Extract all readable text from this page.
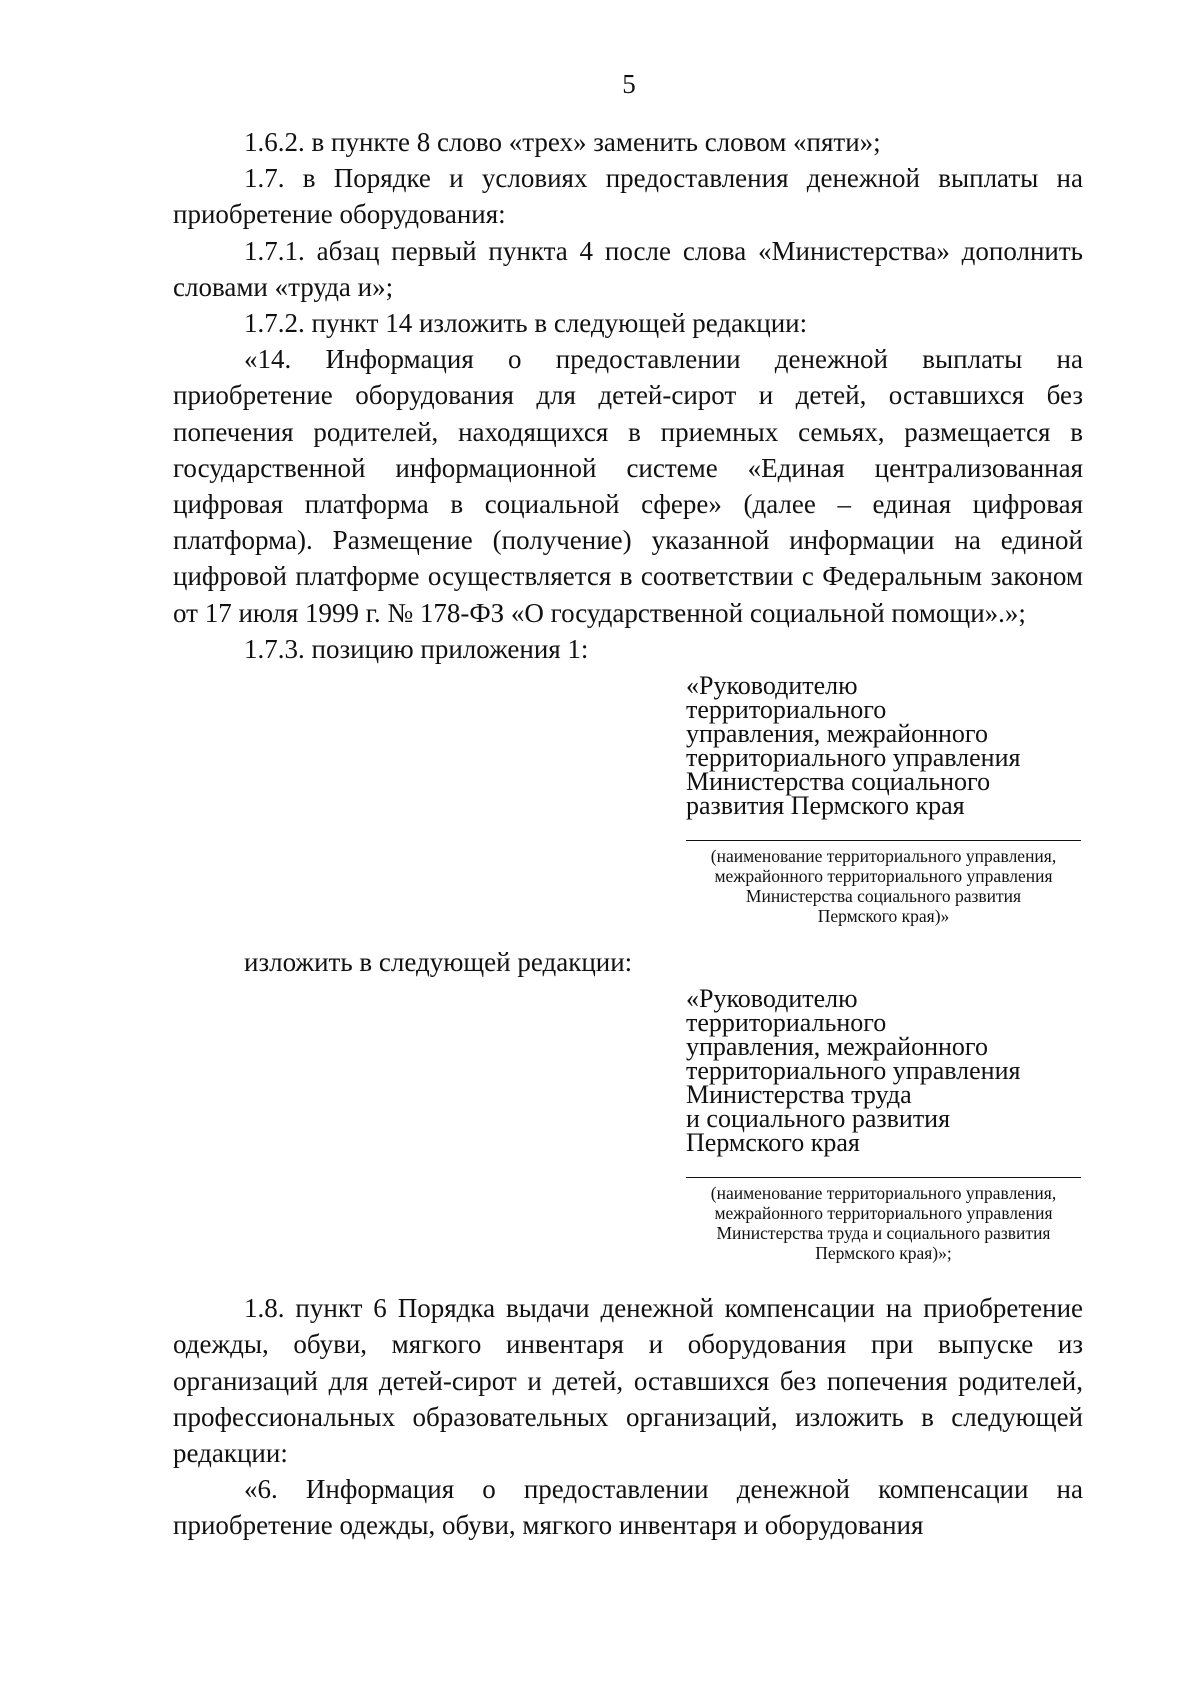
5

1.6.2. в пункте 8 слово «трех» заменить словом «пяти»;

1.7. в Порядке и условиях предоставления денежной выплаты на приобретение оборудования:

1.7.1. абзац первый пункта 4 после слова «Министерства» дополнить словами «труда и»;

1.7.2. пункт 14 изложить в следующей редакции:

«14. Информация о предоставлении денежной выплаты на приобретение оборудования для детей-сирот и детей, оставшихся без попечения родителей, находящихся в приемных семьях, размещается в государственной информационной системе «Единая централизованная цифровая платформа в социальной сфере» (далее – единая цифровая платформа). Размещение (получение) указанной информации на единой цифровой платформе осуществляется в соответствии с Федеральным законом от 17 июля 1999 г. № 178-ФЗ «О государственной социальной помощи».»;

1.7.3. позицию приложения 1:

«Руководителю
территориального
управления, межрайонного
территориального управления
Министерства социального
развития Пермского края
(наименование территориального управления,
межрайонного территориального управления
Министерства социального развития
Пермского края)»

изложить в следующей редакции:

«Руководителю
территориального
управления, межрайонного
территориального управления
Министерства труда
и социального развития
Пермского края
(наименование территориального управления,
межрайонного территориального управления
Министерства труда и социального развития
Пермского края)»;

1.8. пункт 6 Порядка выдачи денежной компенсации на приобретение одежды, обуви, мягкого инвентаря и оборудования при выпуске из организаций для детей-сирот и детей, оставшихся без попечения родителей, профессиональных образовательных организаций, изложить в следующей редакции:

«6. Информация о предоставлении денежной компенсации на приобретение одежды, обуви, мягкого инвентаря и оборудования
